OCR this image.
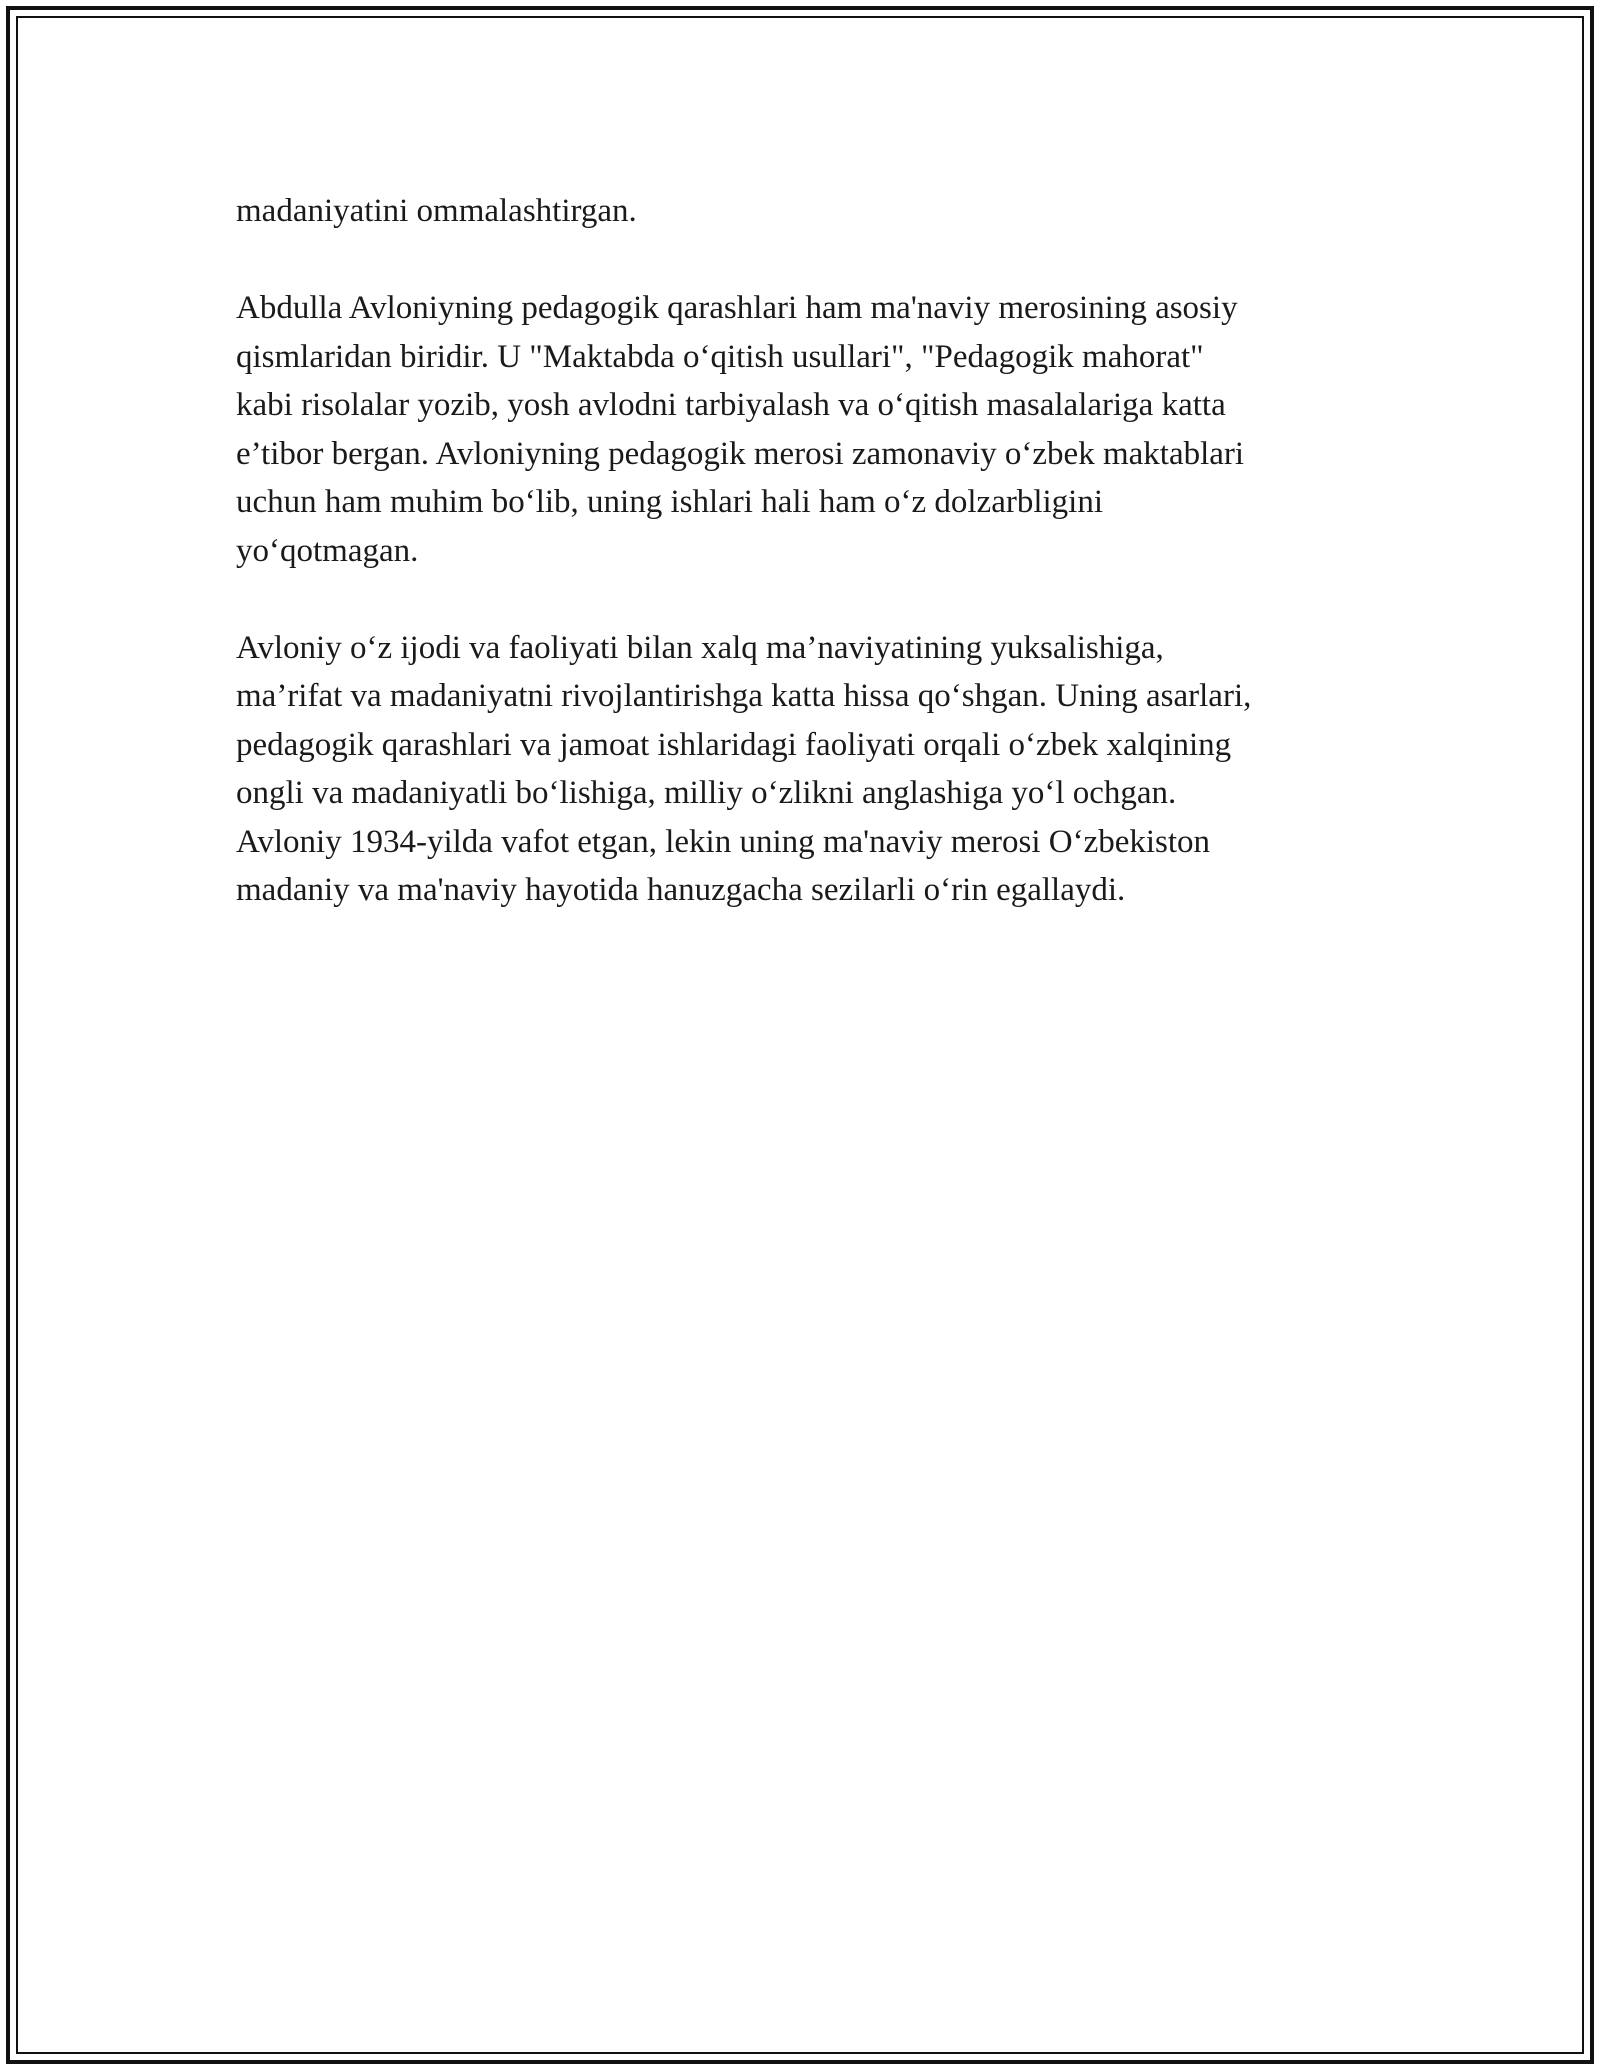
madaniyatini ommalashtirgan.

Abdulla Avloniyning pedagogik qarashlari ham ma'naviy merosining asosiy
qismlaridan biridir. U "Maktabda o‘qitish usullari", "Pedagogik mahorat"
kabi risolalar yozib, yosh avlodni tarbiyalash va o‘qitish masalalariga katta
e’tibor bergan. Avloniyning pedagogik merosi zamonaviy o‘zbek maktablari
uchun ham muhim bo‘lib, uning ishlari hali ham o‘z dolzarbligini
yo‘qotmagan.

Avloniy o‘z ijodi va faoliyati bilan xalq ma’naviyatining yuksalishiga,
ma’rifat va madaniyatni rivojlantirishga katta hissa qo‘shgan. Uning asarlari,
pedagogik qarashlari va jamoat ishlaridagi faoliyati orqali o‘zbek xalqining
ongli va madaniyatli bo‘lishiga, milliy o‘zlikni anglashiga yo‘l ochgan.
Avloniy 1934-yilda vafot etgan, lekin uning ma'naviy merosi O‘zbekiston
madaniy va ma'naviy hayotida hanuzgacha sezilarli o‘rin egallaydi.
